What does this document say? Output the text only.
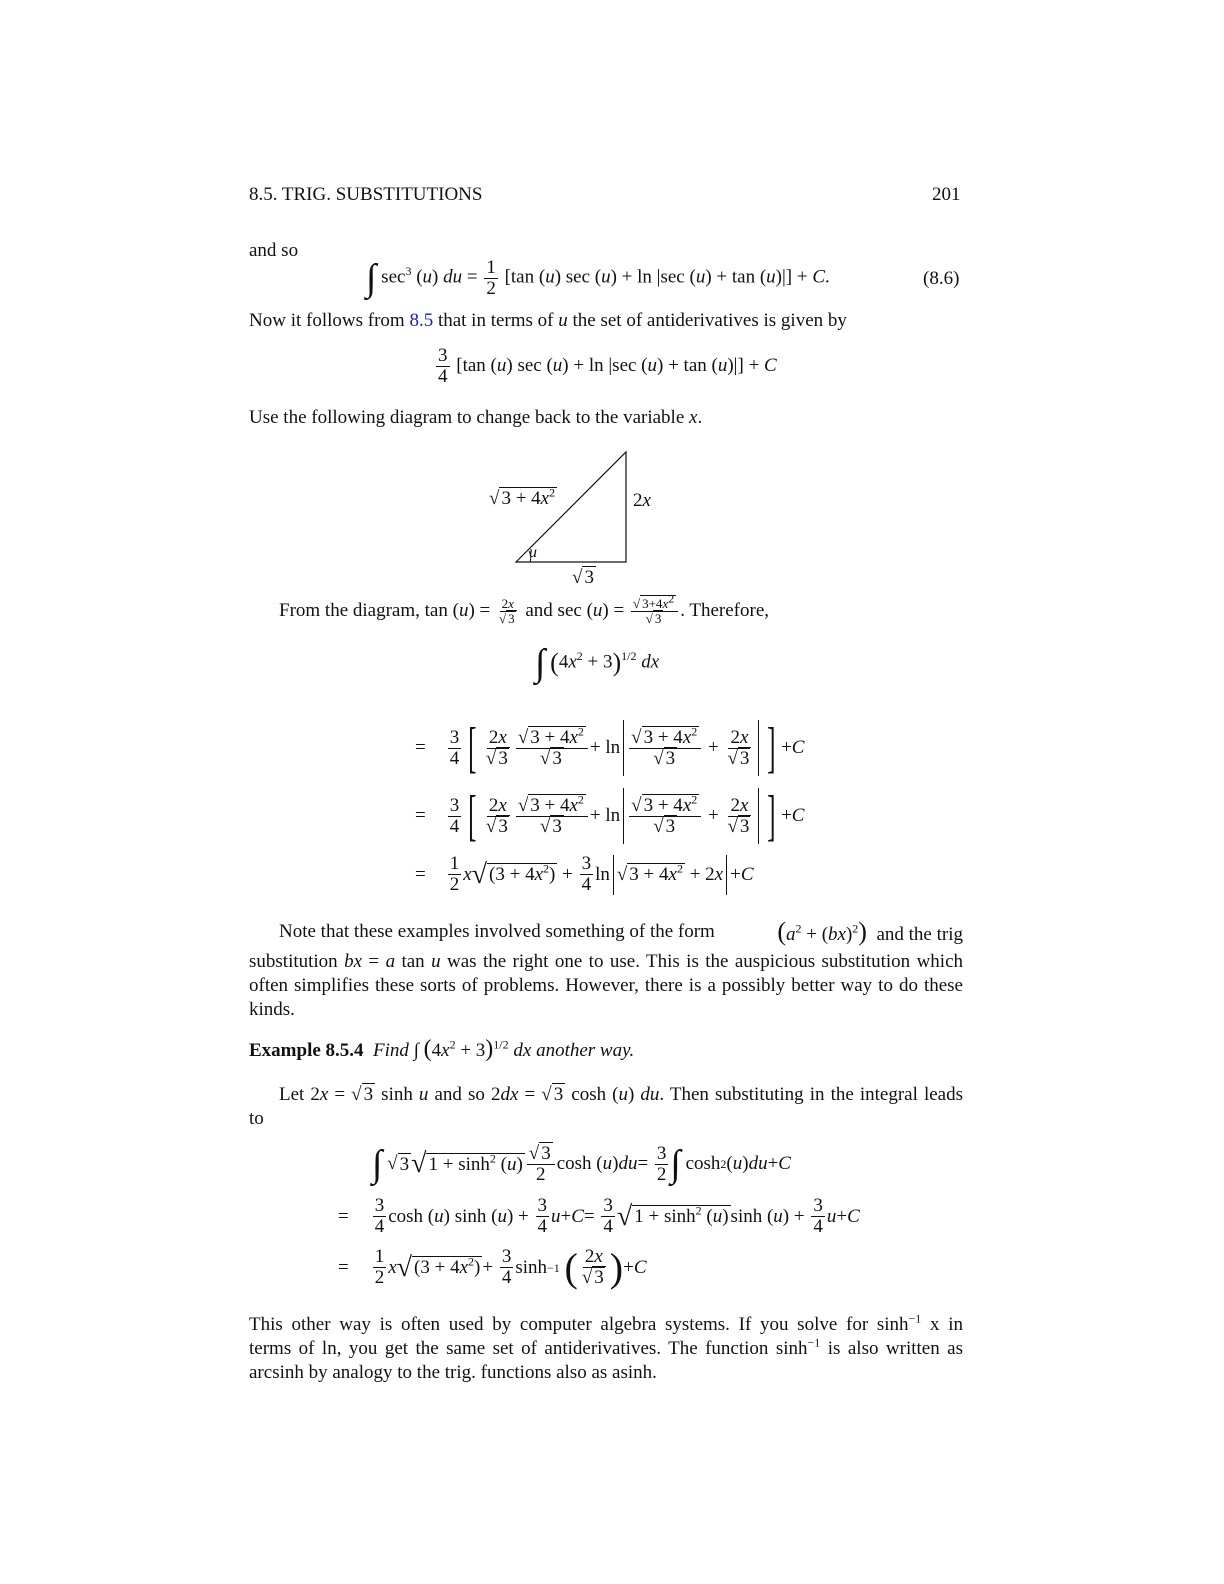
8.5. TRIG. SUBSTITUTIONS	201
and so
∫ $\sec^3 (u)$ du = $\frac{1}{2} [\tan$ (u) sec (u) + ln |sec (u) + tan (u)|] + C.	(8.6)
Now it follows from 8.5 that in terms of u the set of antiderivatives is given by
$\frac{3}{4} [\tan$ (u) sec (u) + ln |sec (u) + tan (u)|] + C
Use the following diagram to change back to the variable x.
√ $3 + 4x^2$	2x
u
√ 3
From the diagram, $\tan (u) = \frac{2x}{√ 3}$ and $\sec (u) = \frac{√ 3+4x^2}{√ 3}$ . Therefore,
∫ $(4x^2 + 3)^{1/2}$ dx
= $\frac{3}{4}$ [ $\frac{2x}{√ 3} \frac{√ 3 + 4x^2}{√ 3} + \ln \frac{√ 3 + 4x^2}{√ 3} + \frac{2x}{√ 3}$ ] + C
= $\frac{3}{4}$ [ $\frac{2x}{√ 3} \frac{√ 3 + 4x^2}{√ 3} + \ln \frac{√ 3 + 4x^2}{√ 3} + \frac{2x}{√ 3}$ ] + C
= $\frac{1}{2}$ x √ $(3 + 4x^2) + \frac{3}{4}$ ln √ $3 + 4x^2 + 2$ x + C
Note that these examples involved something of the form $(a^2 + (bx)^2)$ and the trig
substitution bx = a tan u was the right one to use. This is the auspicious substitution which
often simplifies these sorts of problems. However, there is a possibly better way to do these
kinds.
Example 8.5.4 Find ∫ $(4x^2 + 3)^{1/2}$ dx another way.
Let 2x = √ 3 sinh u and so 2dx = √ 3 cosh (u) du. Then substituting in the integral leads
to
∫ √ 3 √ $1 + \sinh^2 (u) \frac{√ 3}{2}$ cosh ( u ) du = $\frac{3}{2}$ ∫ cosh 2 ( u ) du + C
= $\frac{3}{4}$ cosh ( u ) sinh ( u ) + $\frac{3}{4}$ $u + C = \frac{3}{4}$ √ $1 + \sinh^2 (u)$ sinh ( u ) + $\frac{3}{4}$ u + C
= $\frac{1}{2}$ x √ $(3 + 4x^2) + \frac{3}{4}$ sinh −1
( $\frac{2x}{√ 3}$ ) + C
This other way is often used by computer algebra systems. If you solve for $\sinh^{-1} x$ in
terms of ln, you get the same set of antiderivatives. The function $\sinh^{-1}$ is also written as
arcsinh by analogy to the trig. functions also as asinh.
